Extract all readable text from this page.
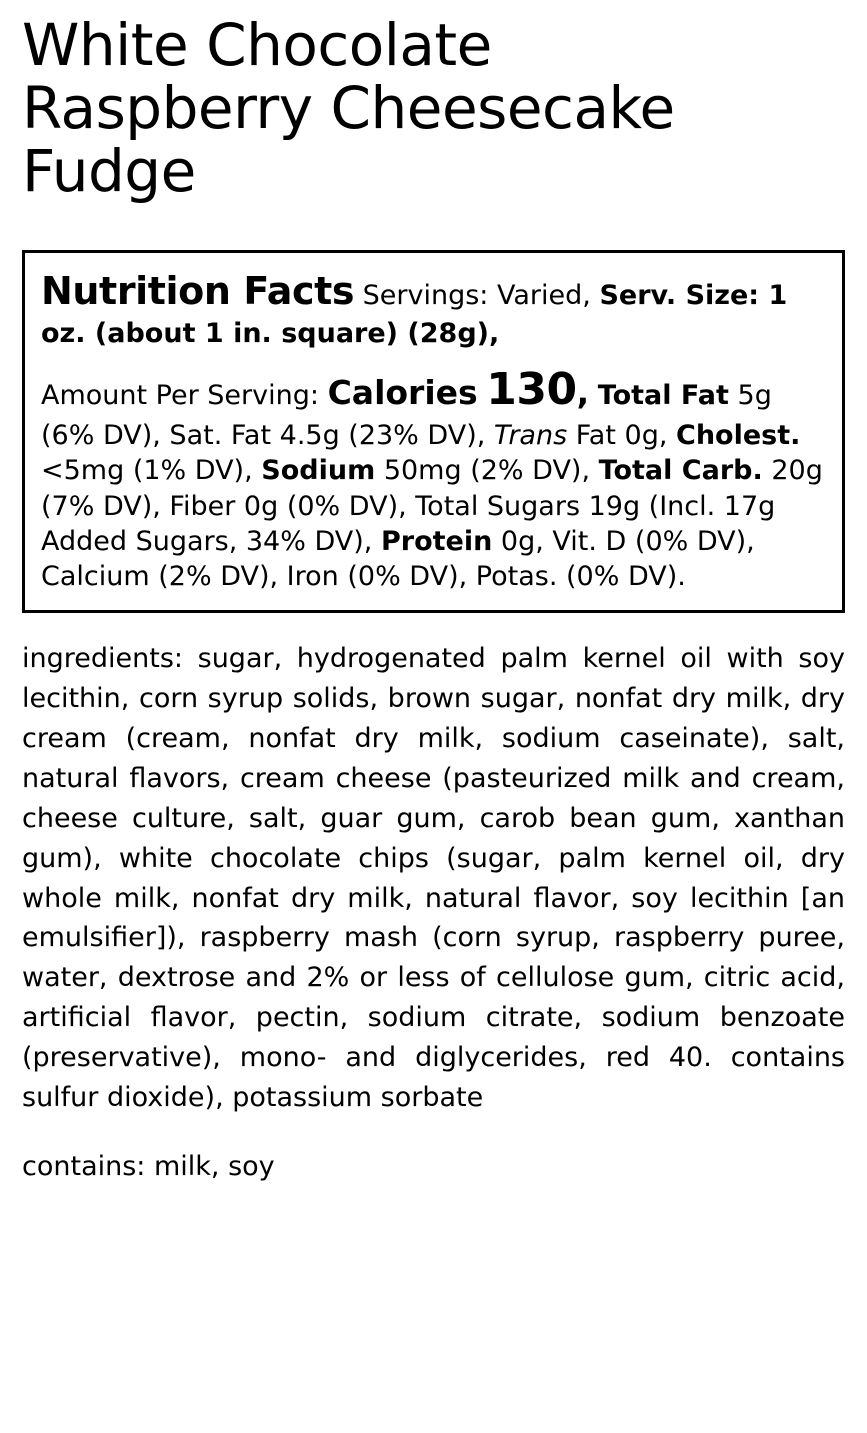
White Chocolate Raspberry Cheesecake Fudge
Nutrition Facts Servings: Varied, Serv. Size: 1 oz. (about 1 in. square) (28g),
Amount Per Serving: Calories 130, Total Fat 5g (6% DV), Sat. Fat 4.5g (23% DV), Trans Fat 0g, Cholest. <5mg (1% DV), Sodium 50mg (2% DV), Total Carb. 20g (7% DV), Fiber 0g (0% DV), Total Sugars 19g (Incl. 17g Added Sugars, 34% DV), Protein 0g, Vit. D (0% DV), Calcium (2% DV), Iron (0% DV), Potas. (0% DV).
ingredients: sugar, hydrogenated palm kernel oil with soy lecithin, corn syrup solids, brown sugar, nonfat dry milk, dry cream (cream, nonfat dry milk, sodium caseinate), salt, natural flavors, cream cheese (pasteurized milk and cream, cheese culture, salt, guar gum, carob bean gum, xanthan gum), white chocolate chips (sugar, palm kernel oil, dry whole milk, nonfat dry milk, natural flavor, soy lecithin [an emulsifier]), raspberry mash (corn syrup, raspberry puree, water, dextrose and 2% or less of cellulose gum, citric acid, artificial flavor, pectin, sodium citrate, sodium benzoate (preservative), mono- and diglycerides, red 40. contains sulfur dioxide), potassium sorbate
contains: milk, soy
